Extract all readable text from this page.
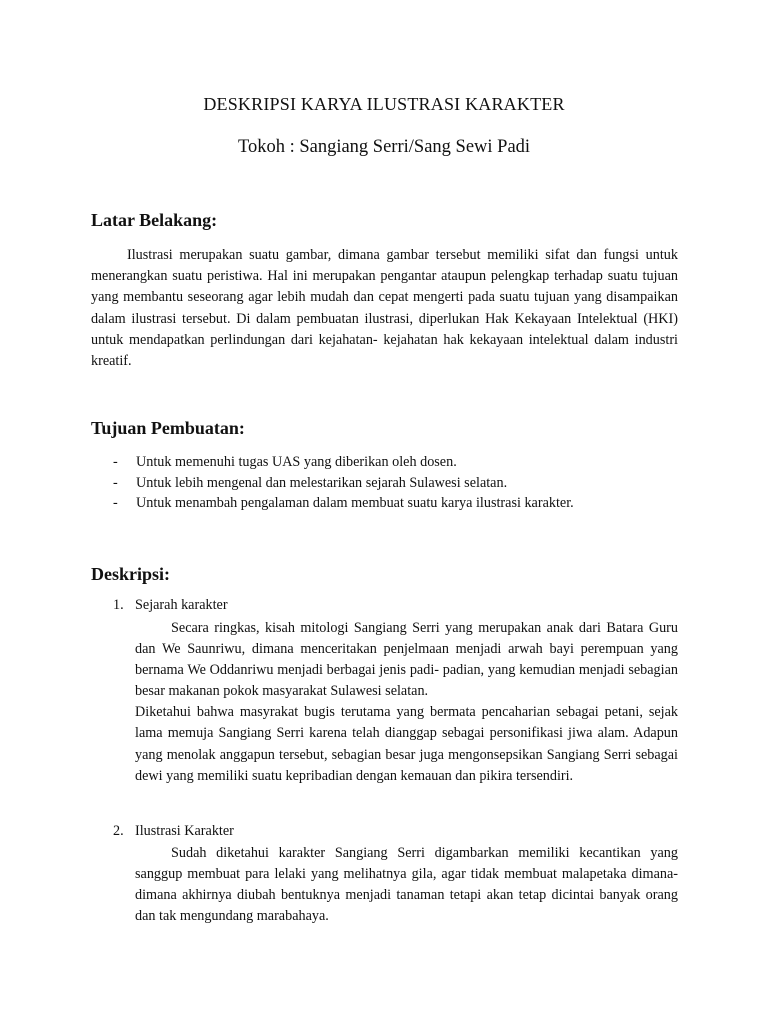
DESKRIPSI KARYA ILUSTRASI KARAKTER
Tokoh : Sangiang Serri/Sang Sewi Padi
Latar Belakang:

Ilustrasi merupakan suatu gambar, dimana gambar tersebut memiliki sifat dan fungsi untuk menerangkan suatu peristiwa. Hal ini merupakan pengantar ataupun pelengkap terhadap suatu tujuan yang membantu seseorang agar lebih mudah dan cepat mengerti pada suatu tujuan yang disampaikan dalam ilustrasi tersebut. Di dalam pembuatan ilustrasi, diperlukan Hak Kekayaan Intelektual (HKI) untuk mendapatkan perlindungan dari kejahatan- kejahatan hak kekayaan intelektual dalam industri kreatif.

Tujuan Pembuatan:
- Untuk memenuhi tugas UAS yang diberikan oleh dosen.
- Untuk lebih mengenal dan melestarikan sejarah Sulawesi selatan.
- Untuk menambah pengalaman dalam membuat suatu karya ilustrasi karakter.
Deskripsi:
1. Sejarah karakter

Secara ringkas, kisah mitologi Sangiang Serri yang merupakan anak dari Batara Guru dan We Saunriwu, dimana menceritakan penjelmaan menjadi arwah bayi perempuan yang bernama We Oddanriwu menjadi berbagai jenis padi- padian, yang kemudian menjadi sebagian besar makanan pokok masyarakat Sulawesi selatan.

Diketahui bahwa masyrakat bugis terutama yang bermata pencaharian sebagai petani, sejak lama memuja Sangiang Serri karena telah dianggap sebagai personifikasi jiwa alam. Adapun yang menolak anggapun tersebut, sebagian besar juga mengonsepsikan Sangiang Serri sebagai dewi yang memiliki suatu kepribadian dengan kemauan dan pikira tersendiri.

2. Ilustrasi Karakter

Sudah diketahui karakter Sangiang Serri digambarkan memiliki kecantikan yang sanggup membuat para lelaki yang melihatnya gila, agar tidak membuat malapetaka dimana- dimana akhirnya diubah bentuknya menjadi tanaman tetapi akan tetap dicintai banyak orang dan tak mengundang marabahaya.
